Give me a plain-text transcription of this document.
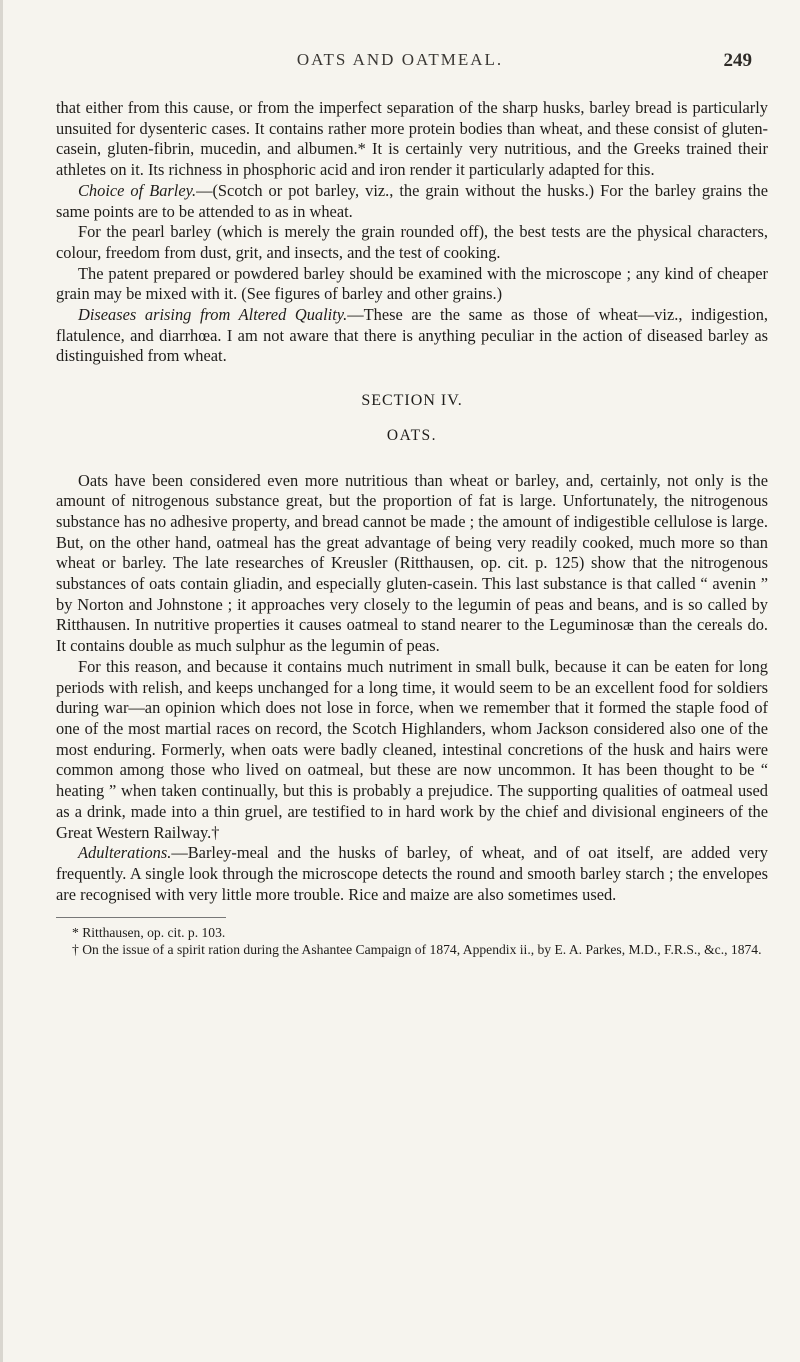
OATS AND OATMEAL.	249

that either from this cause, or from the imperfect separation of the sharp husks, barley bread is particularly unsuited for dysenteric cases. It contains rather more protein bodies than wheat, and these consist of gluten-casein, gluten-fibrin, mucedin, and albumen.* It is certainly very nutritious, and the Greeks trained their athletes on it. Its richness in phosphoric acid and iron render it particularly adapted for this.

Choice of Barley.—(Scotch or pot barley, viz., the grain without the husks.) For the barley grains the same points are to be attended to as in wheat.

For the pearl barley (which is merely the grain rounded off), the best tests are the physical characters, colour, freedom from dust, grit, and insects, and the test of cooking.

The patent prepared or powdered barley should be examined with the microscope ; any kind of cheaper grain may be mixed with it. (See figures of barley and other grains.)

Diseases arising from Altered Quality.—These are the same as those of wheat—viz., indigestion, flatulence, and diarrhœa. I am not aware that there is anything peculiar in the action of diseased barley as distinguished from wheat.

SECTION IV.
OATS.

Oats have been considered even more nutritious than wheat or barley, and, certainly, not only is the amount of nitrogenous substance great, but the proportion of fat is large. Unfortunately, the nitrogenous substance has no adhesive property, and bread cannot be made ; the amount of indigestible cellulose is large. But, on the other hand, oatmeal has the great advantage of being very readily cooked, much more so than wheat or barley. The late researches of Kreusler (Ritthausen, op. cit. p. 125) show that the nitrogenous substances of oats contain gliadin, and especially gluten-casein. This last substance is that called “ avenin ” by Norton and Johnstone ; it approaches very closely to the legumin of peas and beans, and is so called by Ritthausen. In nutritive properties it causes oatmeal to stand nearer to the Leguminosæ than the cereals do. It contains double as much sulphur as the legumin of peas.

For this reason, and because it contains much nutriment in small bulk, because it can be eaten for long periods with relish, and keeps unchanged for a long time, it would seem to be an excellent food for soldiers during war—an opinion which does not lose in force, when we remember that it formed the staple food of one of the most martial races on record, the Scotch Highlanders, whom Jackson considered also one of the most enduring. Formerly, when oats were badly cleaned, intestinal concretions of the husk and hairs were common among those who lived on oatmeal, but these are now uncommon. It has been thought to be “ heating ” when taken continually, but this is probably a prejudice. The supporting qualities of oatmeal used as a drink, made into a thin gruel, are testified to in hard work by the chief and divisional engineers of the Great Western Railway.†

Adulterations.—Barley-meal and the husks of barley, of wheat, and of oat itself, are added very frequently. A single look through the microscope detects the round and smooth barley starch ; the envelopes are recognised with very little more trouble. Rice and maize are also sometimes used.

* Ritthausen, op. cit. p. 103.

† On the issue of a spirit ration during the Ashantee Campaign of 1874, Appendix ii., by E. A. Parkes, M.D., F.R.S., &c., 1874.
